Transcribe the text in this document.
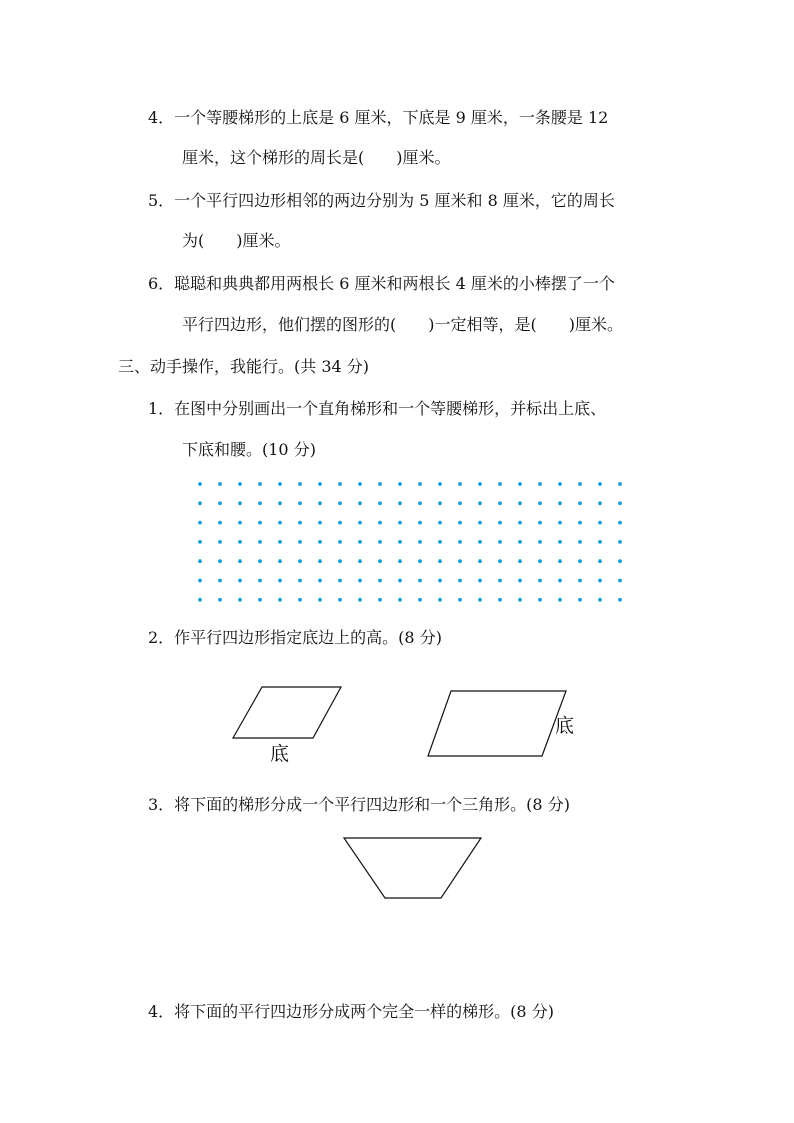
4．一个等腰梯形的上底是 6 厘米，下底是 9 厘米，一条腰是 12
厘米，这个梯形的周长是(　　)厘米。
5．一个平行四边形相邻的两边分别为 5 厘米和 8 厘米，它的周长
为(　　)厘米。
6．聪聪和典典都用两根长 6 厘米和两根长 4 厘米的小棒摆了一个
平行四边形，他们摆的图形的(　　)一定相等，是(　　)厘米。
三、动手操作，我能行。(共 34 分)
1．在图中分别画出一个直角梯形和一个等腰梯形，并标出上底、
下底和腰。(10 分)
2．作平行四边形指定底边上的高。(8 分)
底
底
3．将下面的梯形分成一个平行四边形和一个三角形。(8 分)
4．将下面的平行四边形分成两个完全一样的梯形。(8 分)
